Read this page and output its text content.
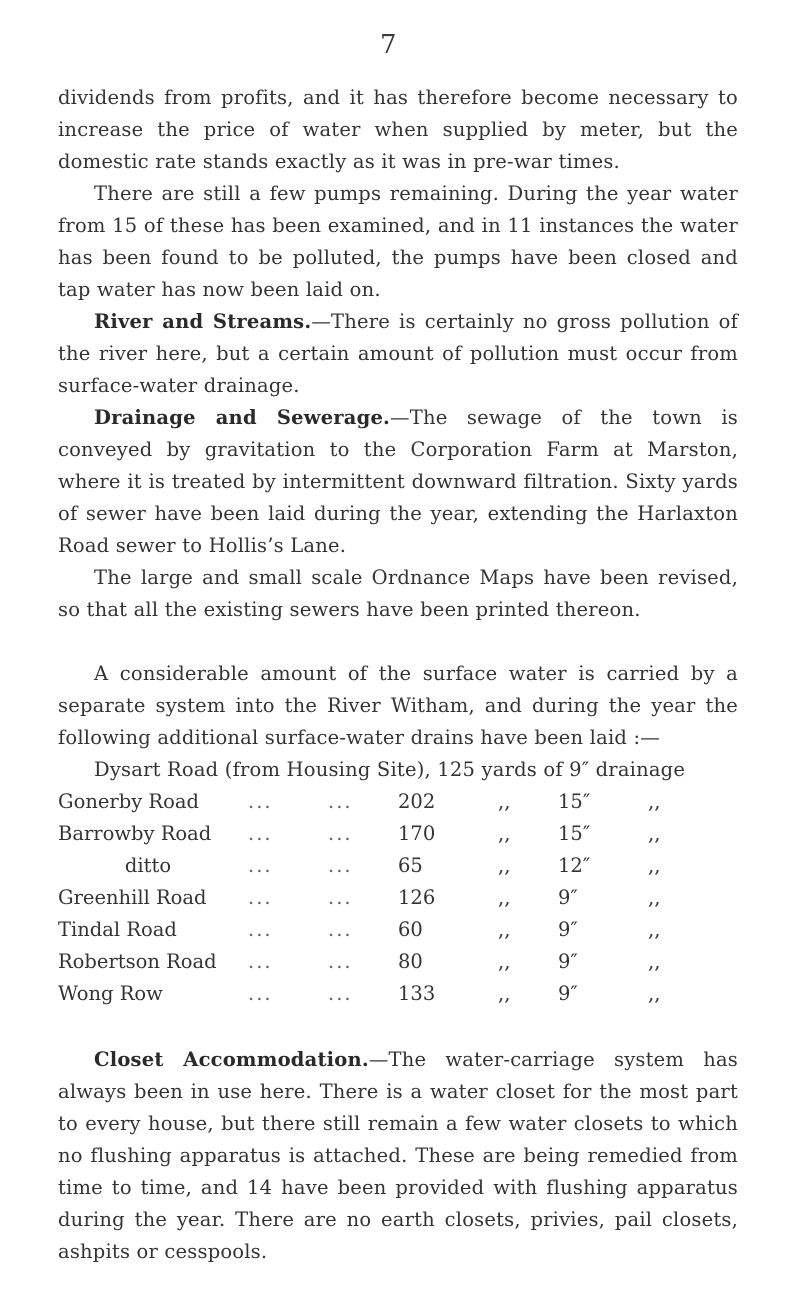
7

dividends from profits, and it has therefore become necessary to increase the price of water when supplied by meter, but the domestic rate stands exactly as it was in pre-war times.

There are still a few pumps remaining. During the year water from 15 of these has been examined, and in 11 instances the water has been found to be polluted, the pumps have been closed and tap water has now been laid on.

River and Streams.—There is certainly no gross pollution of the river here, but a certain amount of pollution must occur from surface-water drainage.

Drainage and Sewerage.—The sewage of the town is conveyed by gravitation to the Corporation Farm at Marston, where it is treated by intermittent downward filtration. Sixty yards of sewer have been laid during the year, extending the Harlaxton Road sewer to Hollis’s Lane.

The large and small scale Ordnance Maps have been revised, so that all the existing sewers have been printed thereon.

A considerable amount of the surface water is carried by a separate system into the River Witham, and during the year the following additional surface-water drains have been laid :—

Dysart Road (from Housing Site), 125 yards of 9″ drainage

Gonerby Road	...	... 202	,, 15″	,,
Barrowby Road ...	... 170	,, 15″	,,
ditto	...	... 65	,, 12″	,,
Greenhill Road ...	... 126	,, 9″	,,
Tindal Road	...	... 60	,, 9″	,,
Robertson Road ...	... 80	,, 9″	,,
Wong Row	...	... 133	,, 9″	,,

Closet Accommodation.—The water-carriage system has always been in use here. There is a water closet for the most part to every house, but there still remain a few water closets to which no flushing apparatus is attached. These are being remedied from time to time, and 14 have been provided with flushing apparatus during the year. There are no earth closets, privies, pail closets, ashpits or cesspools.
